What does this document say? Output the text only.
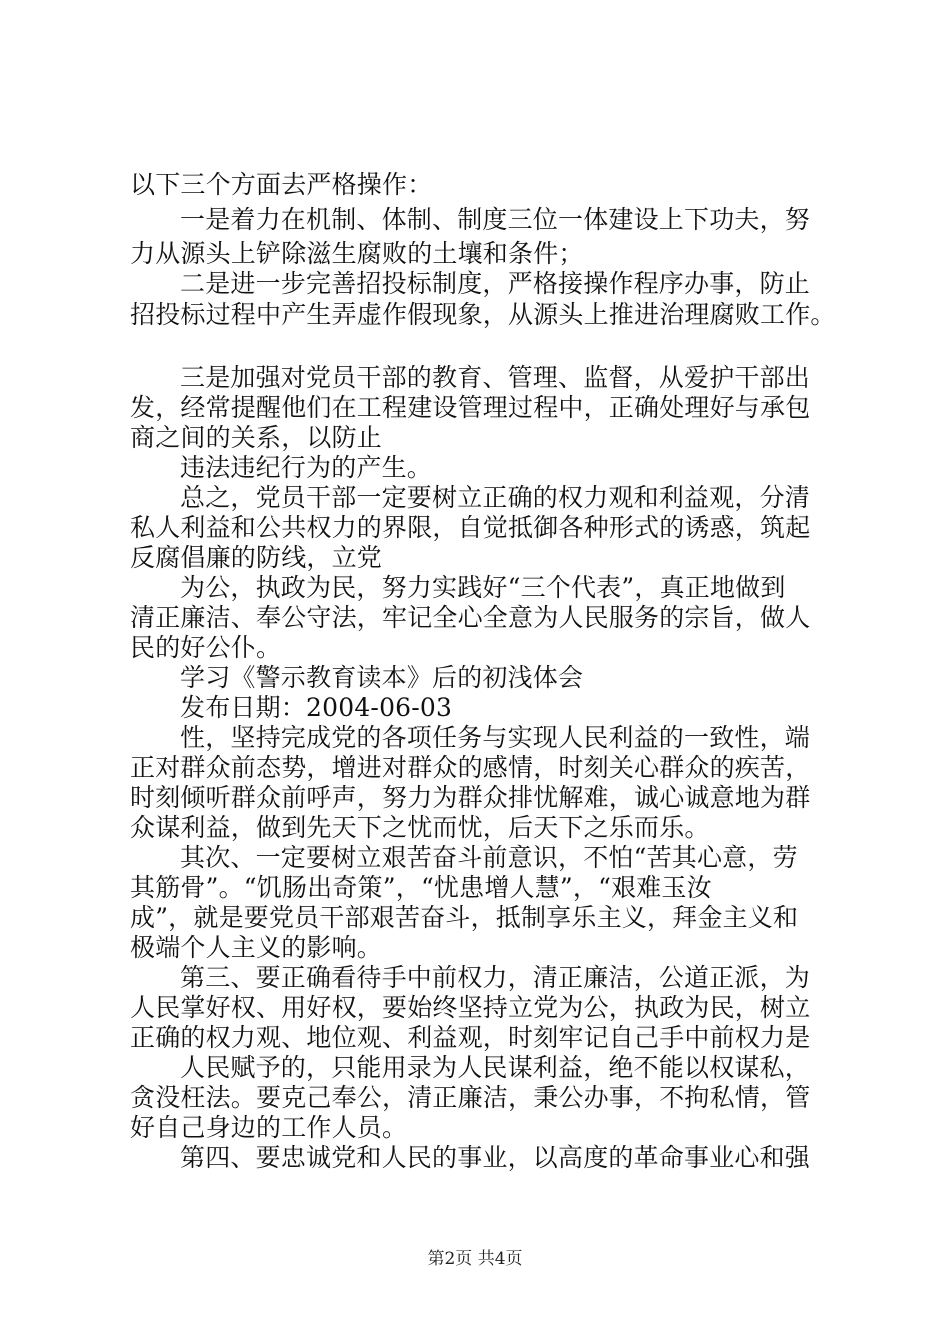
以下三个方面去严格操作：
一是着力在机制、体制、制度三位一体建设上下功夫，努
力从源头上铲除滋生腐败的土壤和条件；
二是进一步完善招投标制度，严格接操作程序办事，防止
招投标过程中产生弄虚作假现象，从源头上推进治理腐败工作。
三是加强对党员干部的教育、管理、监督，从爱护干部出
发，经常提醒他们在工程建设管理过程中，正确处理好与承包
商之间的关系，以防止
违法违纪行为的产生。
总之，党员干部一定要树立正确的权力观和利益观，分清
私人利益和公共权力的界限，自觉抵御各种形式的诱惑，筑起
反腐倡廉的防线，立党
为公，执政为民，努力实践好“三个代表”，真正地做到
清正廉洁、奉公守法，牢记全心全意为人民服务的宗旨，做人
民的好公仆。
学习《警示教育读本》后的初浅体会
发布日期：2004-06-03
性，坚持完成党的各项任务与实现人民利益的一致性，端
正对群众前态势，增进对群众的感情，时刻关心群众的疾苦，
时刻倾听群众前呼声，努力为群众排忧解难，诚心诚意地为群
众谋利益，做到先天下之忧而忧，后天下之乐而乐。
其次、一定要树立艰苦奋斗前意识，不怕“苦其心意，劳
其筋骨”。“饥肠出奇策”，“忧患增人慧”，“艰难玉汝
成”，就是要党员干部艰苦奋斗，抵制享乐主义，拜金主义和
极端个人主义的影响。
第三、要正确看待手中前权力，清正廉洁，公道正派，为
人民掌好权、用好权，要始终坚持立党为公，执政为民，树立
正确的权力观、地位观、利益观，时刻牢记自己手中前权力是
人民赋予的，只能用录为人民谋利益，绝不能以权谋私，
贪没枉法。要克己奉公，清正廉洁，秉公办事，不拘私情，管
好自己身边的工作人员。
第四、要忠诚党和人民的事业，以高度的革命事业心和强
第2页 共4页
